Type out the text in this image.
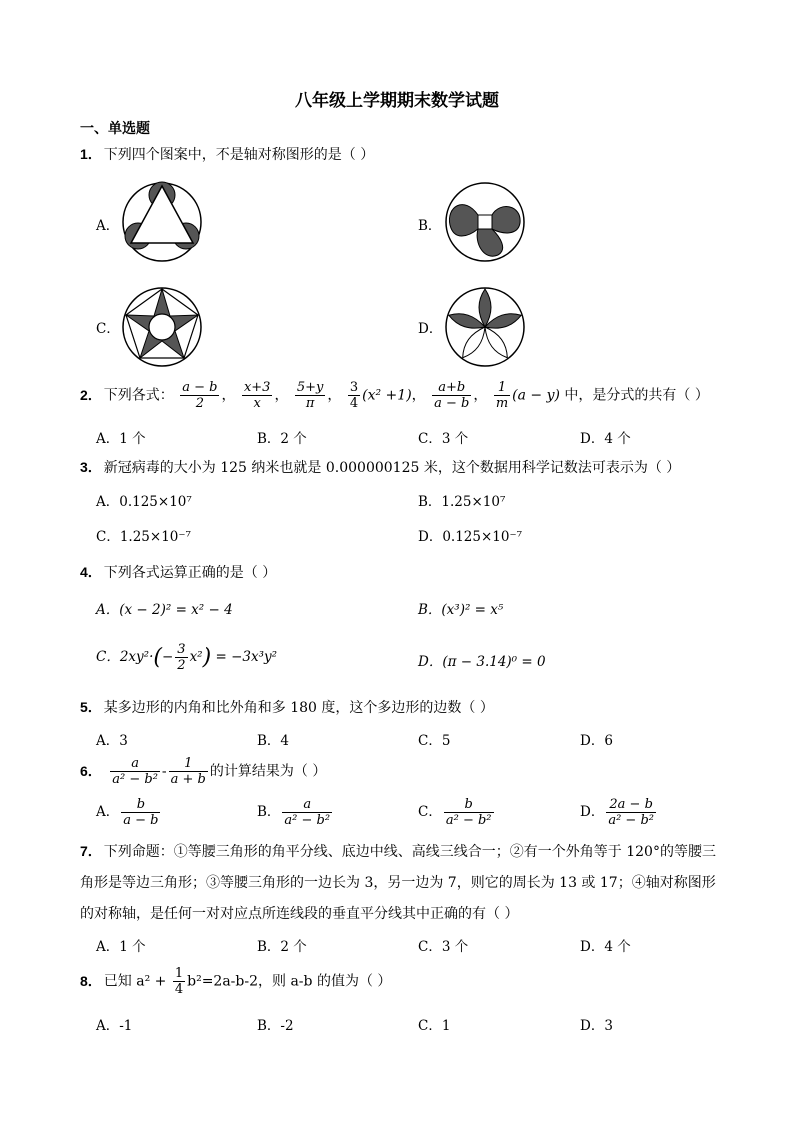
八年级上学期期末数学试题
一、单选题
1． 下列四个图案中，不是轴对称图形的是（ ）
A．	B．
C．	D．
2． 下列各式： $\frac{a - b}{2}$ ， $\frac{x+3}{x}$ ， $\frac{5+y}{\pi}$ ， $\frac{3}{4} (x^2 +1)$， $\frac{a+b}{a - b}$ ， $\frac{1}{m} (a - y)$ 中，是分式的共有（ ）
A．1 个	B．2 个	C．3 个	D．4 个
3． 新冠病毒的大小为 125 纳米也就是 0.000000125 米，这个数据用科学记数法可表示为（ ）
A．0.125×10⁷	B．1.25×10⁷
C．1.25×10⁻⁷	D．0.125×10⁻⁷
4． 下列各式运算正确的是（ ）
A．(x − 2)² = x² − 4	B．(x³)² = x⁵
C．$2xy^2\cdot(- \frac{3}{2} x^2) = -3x^3y^2$	D．(π − 3.14)⁰ = 0
5． 某多边形的内角和比外角和多 180 度，这个多边形的边数（ ）
A．3	B．4	C．5	D．6
6． $\frac{a}{\text{a² − b²}} - \frac{1}{a + b}$ 的计算结果为（ ）
A． $\frac{b}{a - b}$	B． $\frac{a}{\text{a² − b²}}$	C． $\frac{b}{\text{a² − b²}}$	D． $\frac{2a - b}{\text{a² − b²}}$
7． 下列命题：①等腰三角形的角平分线、底边中线、高线三线合一；②有一个外角等于 120°的等腰三角形是等边三角形；③等腰三角形的一边长为 3，另一边为 7，则它的周长为 13 或 17；④轴对称图形的对称轴，是任何一对对应点所连线段的垂直平分线其中正确的有（ ）
A．1 个	B．2 个	C．3 个	D．4 个
8． 已知 $a^2 + \frac{1}{4} b^2=2a-b-2$，则 a-b 的值为（ ）
A．-1	B．-2	C．1	D．3
